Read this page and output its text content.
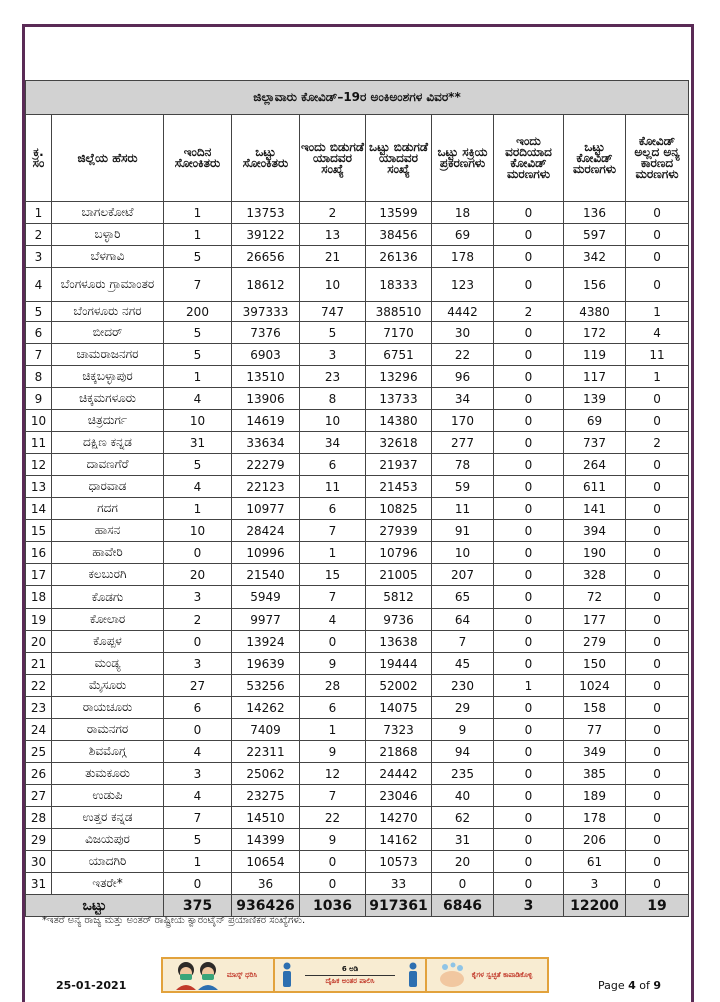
ಜಿಲ್ಲಾವಾರು ಕೋವಿಡ್–19ರ ಅಂಕಿಅಂಶಗಳ ವಿವರ**									
ಕ್ರ. ಸಂ	ಜಿಲ್ಲೆಯ ಹೆಸರು	ಇಂದಿನ ಸೋಂಕಿತರು	ಒಟ್ಟು ಸೋಂಕಿತರು	ಇಂದು ಬಿಡುಗಡೆ ಯಾದವರ ಸಂಖ್ಯೆ	ಒಟ್ಟು ಬಿಡುಗಡೆ ಯಾದವರ ಸಂಖ್ಯೆ	ಒಟ್ಟು ಸಕ್ರಿಯ ಪ್ರಕರಣಗಳು	ಇಂದು ವರದಿಯಾದ ಕೋವಿಡ್ ಮರಣಗಳು	ಒಟ್ಟು ಕೋವಿಡ್ ಮರಣಗಳು	ಕೋವಿಡ್ ಅಲ್ಲದ ಅನ್ಯ ಕಾರಣದ ಮರಣಗಳು
1	ಬಾಗಲಕೋಟೆ	1	13753	2	13599	18	0	136	0
2	ಬಳ್ಳಾರಿ	1	39122	13	38456	69	0	597	0
3	ಬೆಳಗಾವಿ	5	26656	21	26136	178	0	342	0
4	ಬೆಂಗಳೂರು ಗ್ರಾಮಾಂತರ	7	18612	10	18333	123	0	156	0
5	ಬೆಂಗಳೂರು ನಗರ	200	397333	747	388510	4442	2	4380	1
6	ಬೀದರ್	5	7376	5	7170	30	0	172	4
7	ಚಾಮರಾಜನಗರ	5	6903	3	6751	22	0	119	11
8	ಚಿಕ್ಕಬಳ್ಳಾಪುರ	1	13510	23	13296	96	0	117	1
9	ಚಿಕ್ಕಮಗಳೂರು	4	13906	8	13733	34	0	139	0
10	ಚಿತ್ರದುರ್ಗ	10	14619	10	14380	170	0	69	0
11	ದಕ್ಷಿಣ ಕನ್ನಡ	31	33634	34	32618	277	0	737	2
12	ದಾವಣಗೆರೆ	5	22279	6	21937	78	0	264	0
13	ಧಾರವಾಡ	4	22123	11	21453	59	0	611	0
14	ಗದಗ	1	10977	6	10825	11	0	141	0
15	ಹಾಸನ	10	28424	7	27939	91	0	394	0
16	ಹಾವೇರಿ	0	10996	1	10796	10	0	190	0
17	ಕಲಬುರಗಿ	20	21540	15	21005	207	0	328	0
18	ಕೊಡಗು	3	5949	7	5812	65	0	72	0
19	ಕೋಲಾರ	2	9977	4	9736	64	0	177	0
20	ಕೊಪ್ಪಳ	0	13924	0	13638	7	0	279	0
21	ಮಂಡ್ಯ	3	19639	9	19444	45	0	150	0
22	ಮೈಸೂರು	27	53256	28	52002	230	1	1024	0
23	ರಾಯಚೂರು	6	14262	6	14075	29	0	158	0
24	ರಾಮನಗರ	0	7409	1	7323	9	0	77	0
25	ಶಿವಮೊಗ್ಗ	4	22311	9	21868	94	0	349	0
26	ತುಮಕೂರು	3	25062	12	24442	235	0	385	0
27	ಉಡುಪಿ	4	23275	7	23046	40	0	189	0
28	ಉತ್ತರ ಕನ್ನಡ	7	14510	22	14270	62	0	178	0
29	ವಿಜಯಪುರ	5	14399	9	14162	31	0	206	0
30	ಯಾದಗಿರಿ	1	10654	0	10573	20	0	61	0
31	ಇತರೇ*	0	36	0	33	0	0	3	0
ಒಟ್ಟು		375	936426	1036	917361	6846	3	12200	19
*ಇತರೆ ಅನ್ಯ ರಾಜ್ಯ ಮತ್ತು ಅಂತರ್ ರಾಷ್ಟ್ರೀಯ ಕ್ವಾರಂಟೈನ್ ಪ್ರಯಾಣಿಕರ ಸಂಖ್ಯೆಗಳು.
25-01-2021	Page 4 of 9
ಮಾಸ್ಕ್ ಧರಿಸಿ
6 ಅಡಿ
ದೈಹಿಕ ಅಂತರ ಪಾಲಿಸಿ
ಕೈಗಳ ಸ್ವಚ್ಛತೆ ಕಾಪಾಡಿಕೊಳ್ಳಿ
